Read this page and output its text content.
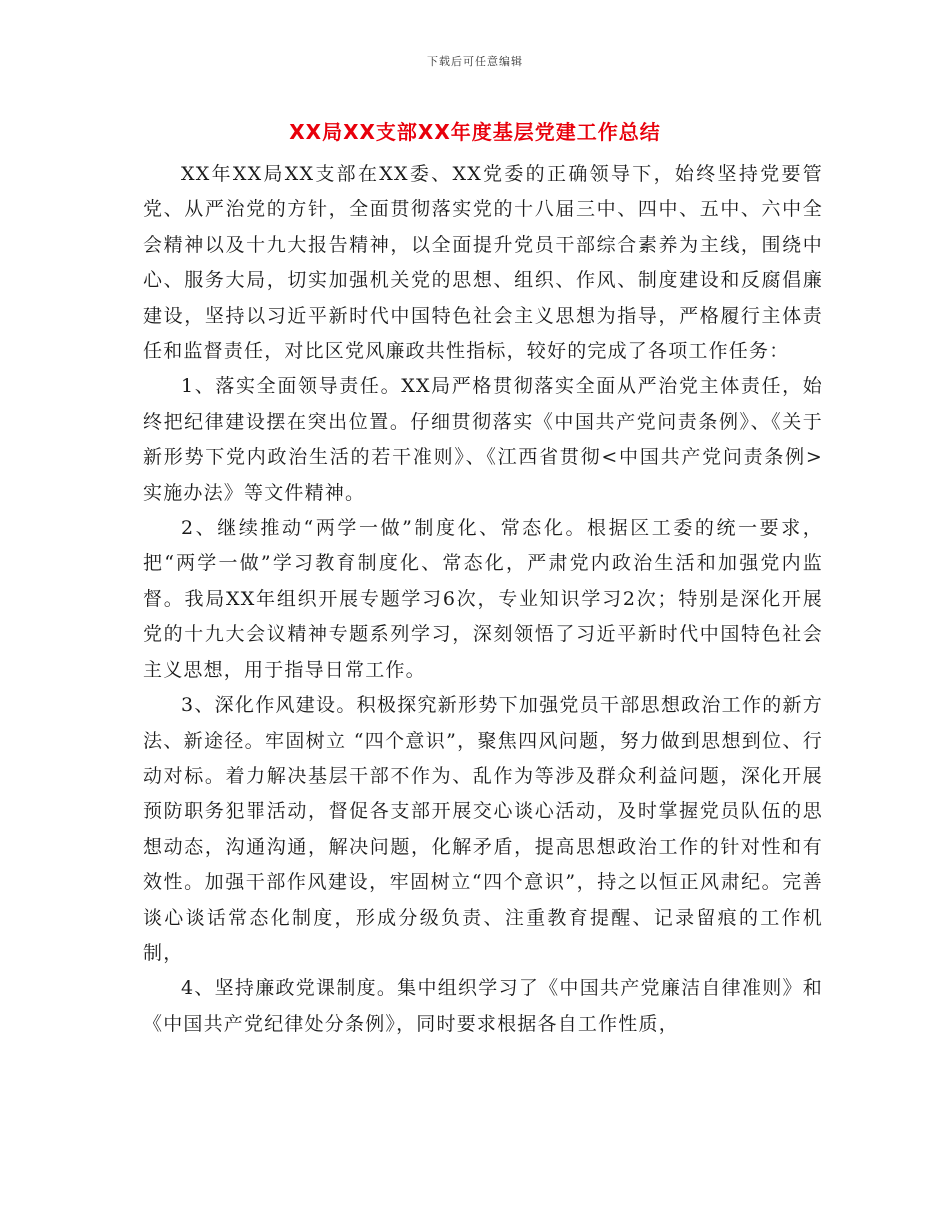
下载后可任意编辑
XX局XX支部XX年度基层党建工作总结

XX年XX局XX支部在XX委、XX党委的正确领导下，始终坚持党要管党、从严治党的方针，全面贯彻落实党的十八届三中、四中、五中、六中全会精神以及十九大报告精神，以全面提升党员干部综合素养为主线，围绕中心、服务大局，切实加强机关党的思想、组织、作风、制度建设和反腐倡廉建设，坚持以习近平新时代中国特色社会主义思想为指导，严格履行主体责任和监督责任，对比区党风廉政共性指标，较好的完成了各项工作任务：

1、落实全面领导责任。XX局严格贯彻落实全面从严治党主体责任，始终把纪律建设摆在突出位置。仔细贯彻落实《中国共产党问责条例》、《关于新形势下党内政治生活的若干准则》、《江西省贯彻<中国共产党问责条例>实施办法》等文件精神。

2、继续推动“两学一做”制度化、常态化。根据区工委的统一要求，把“两学一做”学习教育制度化、常态化，严肃党内政治生活和加强党内监督。我局XX年组织开展专题学习6次，专业知识学习2次；特别是深化开展党的十九大会议精神专题系列学习，深刻领悟了习近平新时代中国特色社会主义思想，用于指导日常工作。

3、深化作风建设。积极探究新形势下加强党员干部思想政治工作的新方法、新途径。牢固树立 “四个意识”，聚焦四风问题，努力做到思想到位、行动对标。着力解决基层干部不作为、乱作为等涉及群众利益问题，深化开展预防职务犯罪活动，督促各支部开展交心谈心活动，及时掌握党员队伍的思想动态，沟通沟通，解决问题，化解矛盾，提高思想政治工作的针对性和有效性。加强干部作风建设，牢固树立“四个意识”，持之以恒正风肃纪。完善谈心谈话常态化制度，形成分级负责、注重教育提醒、记录留痕的工作机制，

4、坚持廉政党课制度。集中组织学习了《中国共产党廉洁自律准则》和《中国共产党纪律处分条例》，同时要求根据各自工作性质，
